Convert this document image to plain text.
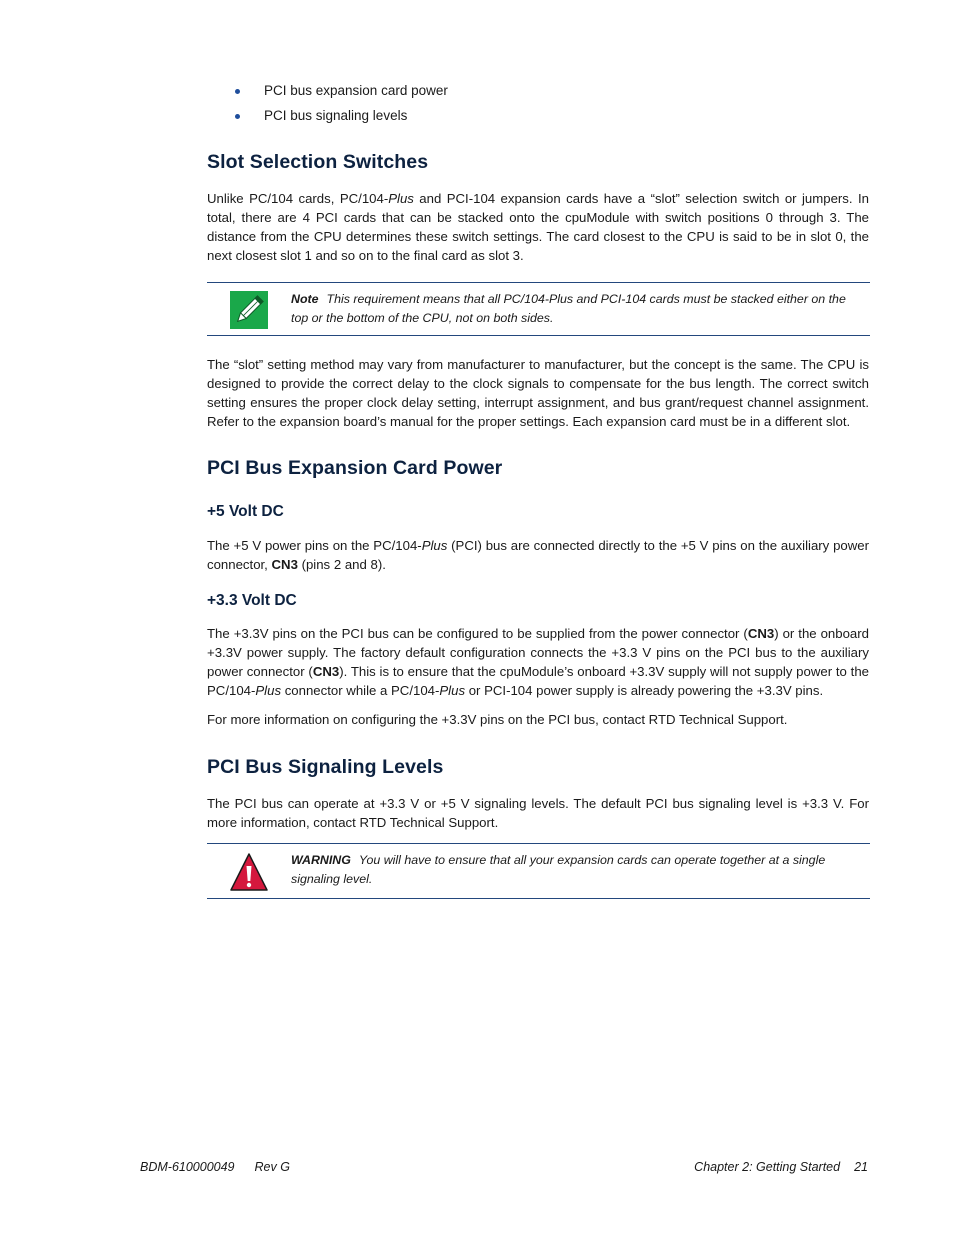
PCI bus expansion card power
PCI bus signaling levels
Slot Selection Switches

Unlike PC/104 cards, PC/104-Plus and PCI-104 expansion cards have a “slot” selection switch or jumpers. In total, there are 4 PCI cards that can be stacked onto the cpuModule with switch positions 0 through 3. The distance from the CPU determines these switch settings. The card closest to the CPU is said to be in slot 0, the next closest slot 1 and so on to the final card as slot 3.

Note This requirement means that all PC/104-Plus and PCI-104 cards must be stacked either on the top or the bottom of the CPU, not on both sides.

The “slot” setting method may vary from manufacturer to manufacturer, but the concept is the same. The CPU is designed to provide the correct delay to the clock signals to compensate for the bus length. The correct switch setting ensures the proper clock delay setting, interrupt assignment, and bus grant/request channel assignment. Refer to the expansion board’s manual for the proper settings. Each expansion card must be in a different slot.

PCI Bus Expansion Card Power
+5 Volt DC

The +5 V power pins on the PC/104-Plus (PCI) bus are connected directly to the +5 V pins on the auxiliary power connector, CN3 (pins 2 and 8).

+3.3 Volt DC

The +3.3V pins on the PCI bus can be configured to be supplied from the power connector (CN3) or the onboard +3.3V power supply. The factory default configuration connects the +3.3 V pins on the PCI bus to the auxiliary power connector (CN3). This is to ensure that the cpuModule’s onboard +3.3V supply will not supply power to the PC/104-Plus connector while a PC/104-Plus or PCI-104 power supply is already powering the +3.3V pins.

For more information on configuring the +3.3V pins on the PCI bus, contact RTD Technical Support.

PCI Bus Signaling Levels

The PCI bus can operate at +3.3 V or +5 V signaling levels. The default PCI bus signaling level is +3.3 V. For more information, contact RTD Technical Support.

WARNING You will have to ensure that all your expansion cards can operate together at a single signaling level.
BDM-610000049 Rev G	Chapter 2: Getting Started 21
